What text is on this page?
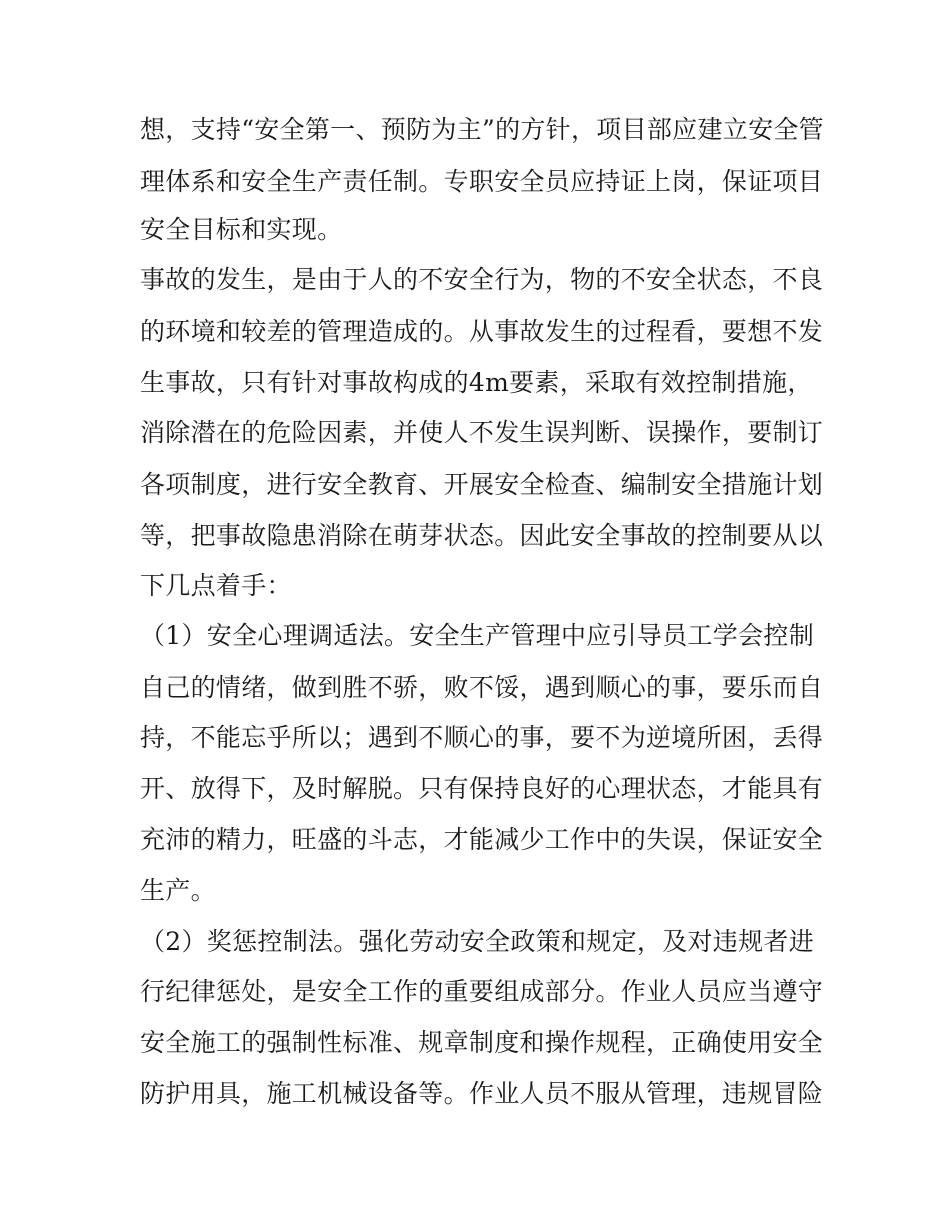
想，支持“安全第一、预防为主”的方针，项目部应建立安全管
理体系和安全生产责任制。专职安全员应持证上岗，保证项目
安全目标和实现。
事故的发生，是由于人的不安全行为，物的不安全状态，不良
的环境和较差的管理造成的。从事故发生的过程看，要想不发
生事故，只有针对事故构成的4m要素，采取有效控制措施，
消除潜在的危险因素，并使人不发生误判断、误操作，要制订
各项制度，进行安全教育、开展安全检查、编制安全措施计划
等，把事故隐患消除在萌芽状态。因此安全事故的控制要从以
下几点着手：
（1）安全心理调适法。安全生产管理中应引导员工学会控制
自己的情绪，做到胜不骄，败不馁，遇到顺心的事，要乐而自
持，不能忘乎所以；遇到不顺心的事，要不为逆境所困，丢得
开、放得下，及时解脱。只有保持良好的心理状态，才能具有
充沛的精力，旺盛的斗志，才能减少工作中的失误，保证安全
生产。
（2）奖惩控制法。强化劳动安全政策和规定，及对违规者进
行纪律惩处，是安全工作的重要组成部分。作业人员应当遵守
安全施工的强制性标准、规章制度和操作规程，正确使用安全
防护用具，施工机械设备等。作业人员不服从管理，违规冒险
